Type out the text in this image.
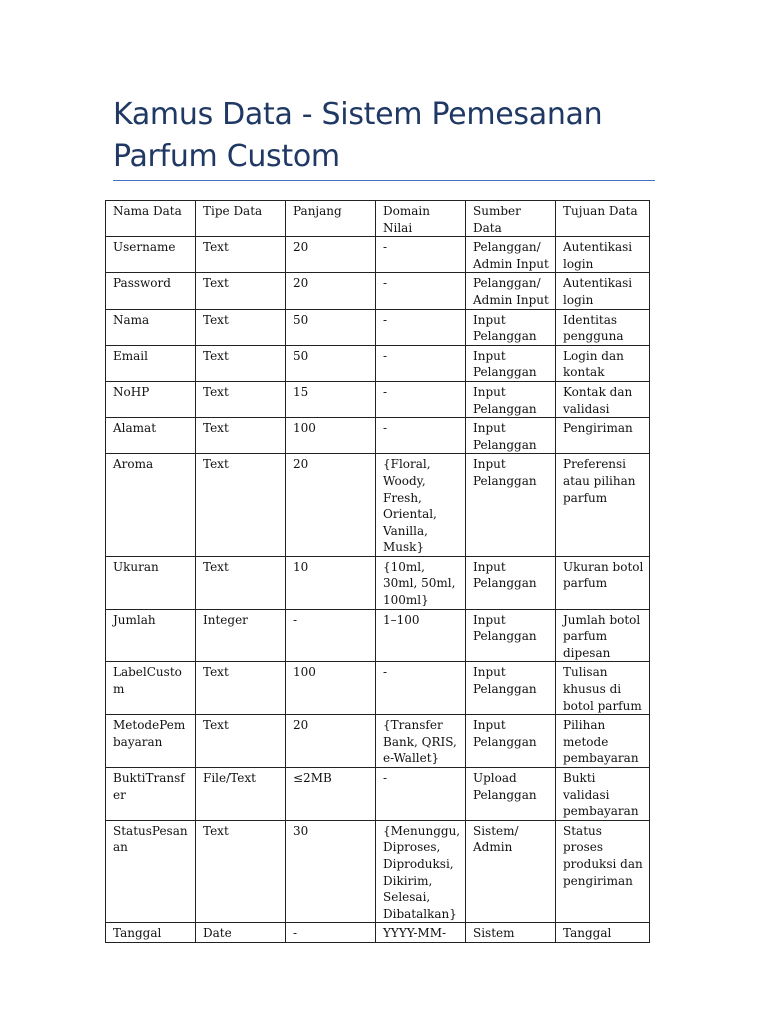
Kamus Data - Sistem Pemesanan Parfum Custom
Nama Data	Tipe Data	Panjang	Domain Nilai	Sumber Data	Tujuan Data
Username	Text	20	-	Pelanggan/ Admin Input	Autentikasi login
Password	Text	20	-	Pelanggan/ Admin Input	Autentikasi login
Nama	Text	50	-	Input Pelanggan	Identitas pengguna
Email	Text	50	-	Input Pelanggan	Login dan kontak
NoHP	Text	15	-	Input Pelanggan	Kontak dan validasi
Alamat	Text	100	-	Input Pelanggan	Pengiriman
Aroma	Text	20	{Floral, Woody, Fresh, Oriental, Vanilla, Musk}	Input Pelanggan	Preferensi atau pilihan parfum
Ukuran	Text	10	{10ml, 30ml, 50ml, 100ml}	Input Pelanggan	Ukuran botol parfum
Jumlah	Integer	-	1–100	Input Pelanggan	Jumlah botol parfum dipesan
LabelCustom	Text	100	-	Input Pelanggan	Tulisan khusus di botol parfum
MetodePembayaran	Text	20	{Transfer Bank, QRIS, e-Wallet}	Input Pelanggan	Pilihan metode pembayaran
BuktiTransfer	File/Text	≤2MB	-	Upload Pelanggan	Bukti validasi pembayaran
StatusPesanan	Text	30	{Menunggu, Diproses, Diproduksi, Dikirim, Selesai, Dibatalkan}	Sistem/ Admin	Status proses produksi dan pengiriman
Tanggal	Date	-	YYYY-MM-	Sistem	Tanggal
